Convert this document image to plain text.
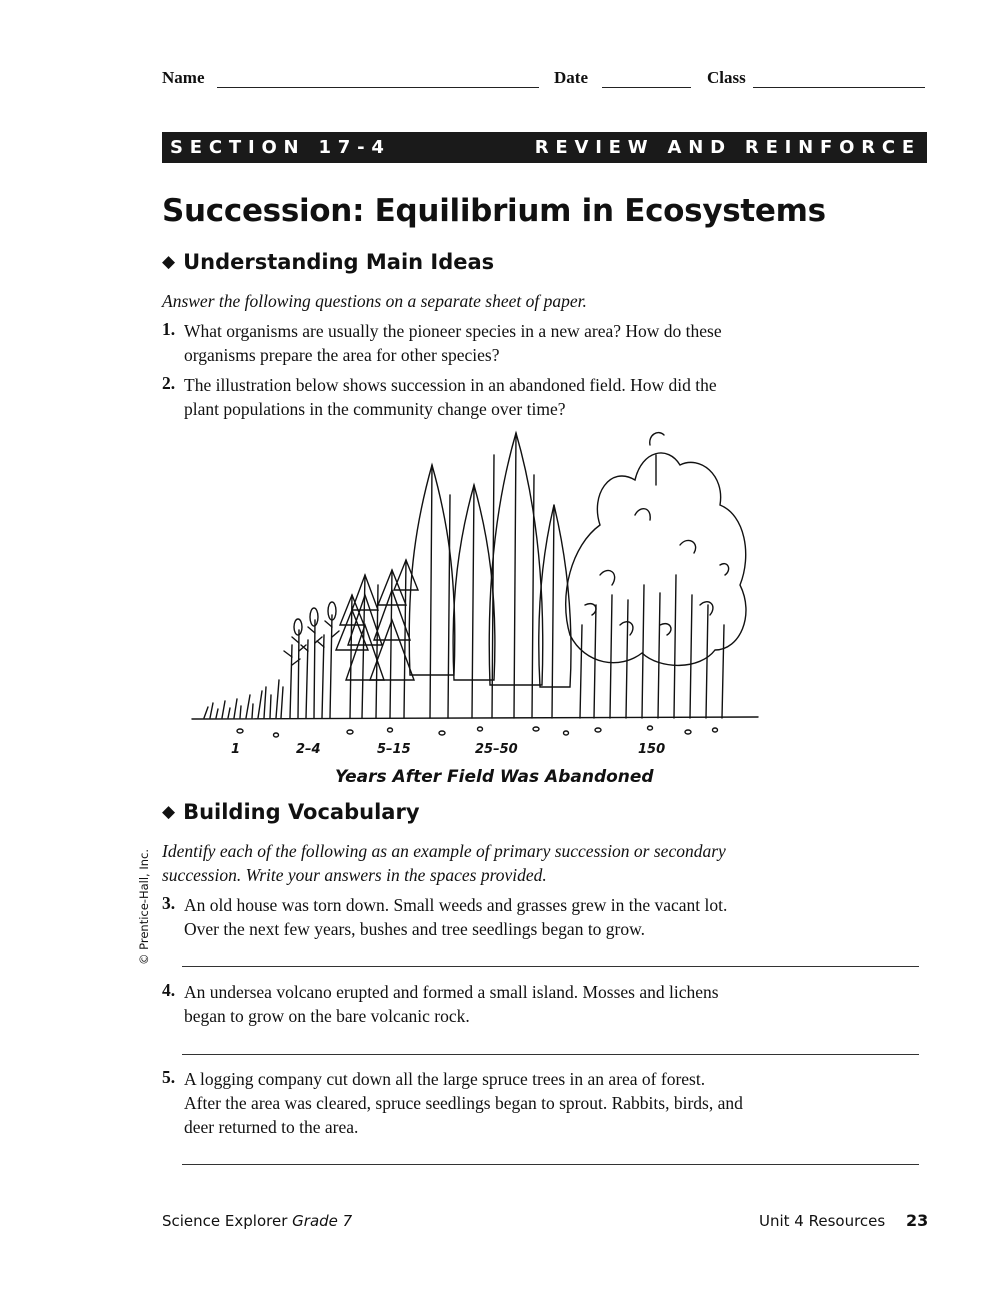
Name	Date	Class
SECTION 17-4	REVIEW AND REINFORCE
Succession: Equilibrium in Ecosystems
◆ Understanding Main Ideas
Answer the following questions on a separate sheet of paper.
1. What organisms are usually the pioneer species in a new area? How do these
organisms prepare the area for other species?
2. The illustration below shows succession in an abandoned field. How did the
plant populations in the community change over time?
1	2–4	5–15	25–50	150
Years After Field Was Abandoned
◆ Building Vocabulary
Identify each of the following as an example of primary succession or secondary
succession. Write your answers in the spaces provided.
3. An old house was torn down. Small weeds and grasses grew in the vacant lot.
Over the next few years, bushes and tree seedlings began to grow.
4. An undersea volcano erupted and formed a small island. Mosses and lichens
began to grow on the bare volcanic rock.
5. A logging company cut down all the large spruce trees in an area of forest.
After the area was cleared, spruce seedlings began to sprout. Rabbits, birds, and
deer returned to the area.
© Prentice-Hall, Inc.
Science Explorer Grade 7	Unit 4 Resources 23
